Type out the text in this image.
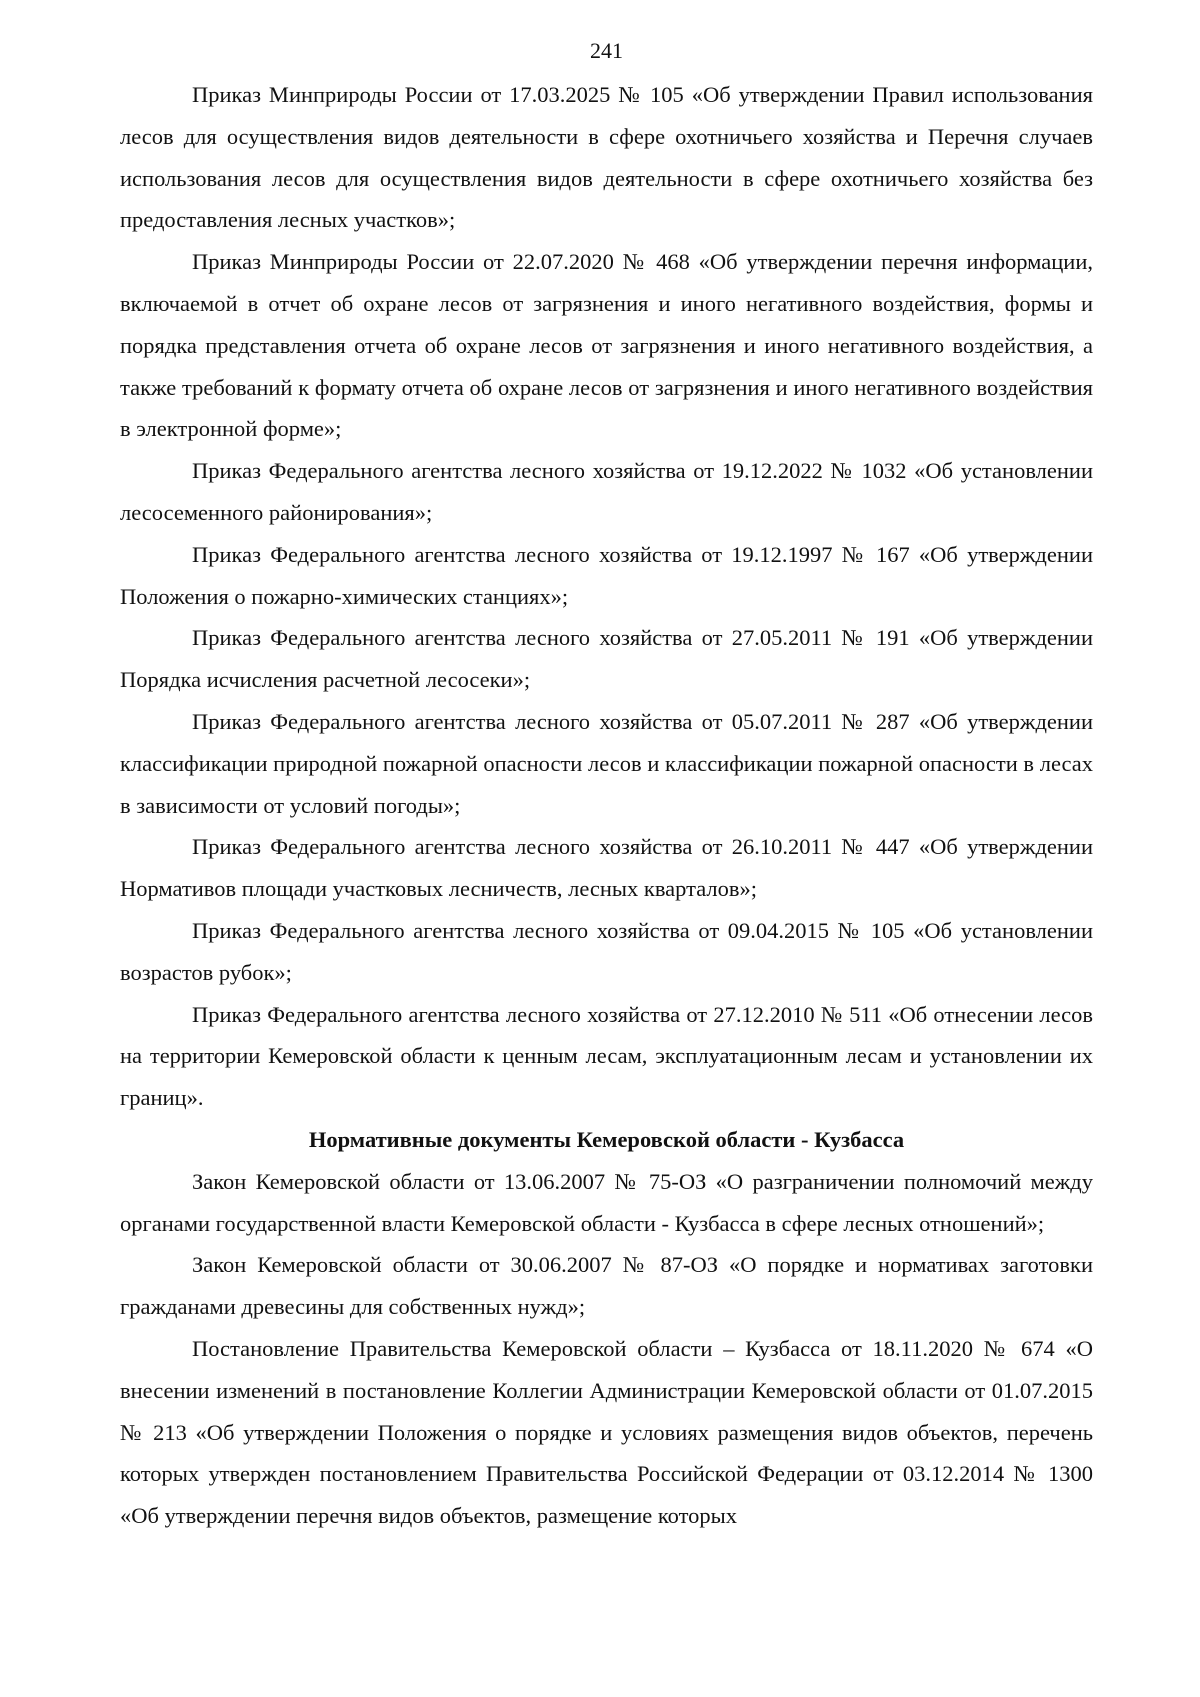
241

Приказ Минприроды России от 17.03.2025 № 105 «Об утверждении Правил использования лесов для осуществления видов деятельности в сфере охотничьего хозяйства и Перечня случаев использования лесов для осуществления видов деятельности в сфере охотничьего хозяйства без предоставления лесных участков»;

Приказ Минприроды России от 22.07.2020 № 468 «Об утверждении перечня информации, включаемой в отчет об охране лесов от загрязнения и иного негативного воздействия, формы и порядка представления отчета об охране лесов от загрязнения и иного негативного воздействия, а также требований к формату отчета об охране лесов от загрязнения и иного негативного воздействия в электронной форме»;

Приказ Федерального агентства лесного хозяйства от 19.12.2022 № 1032 «Об установлении лесосеменного районирования»;

Приказ Федерального агентства лесного хозяйства от 19.12.1997 № 167 «Об утверждении Положения о пожарно-химических станциях»;

Приказ Федерального агентства лесного хозяйства от 27.05.2011 № 191 «Об утверждении Порядка исчисления расчетной лесосеки»;

Приказ Федерального агентства лесного хозяйства от 05.07.2011 № 287 «Об утверждении классификации природной пожарной опасности лесов и классификации пожарной опасности в лесах в зависимости от условий погоды»;

Приказ Федерального агентства лесного хозяйства от 26.10.2011 № 447 «Об утверждении Нормативов площади участковых лесничеств, лесных кварталов»;

Приказ Федерального агентства лесного хозяйства от 09.04.2015 № 105 «Об установлении возрастов рубок»;

Приказ Федерального агентства лесного хозяйства от 27.12.2010 № 511 «Об отнесении лесов на территории Кемеровской области к ценным лесам, эксплуатационным лесам и установлении их границ».

Нормативные документы Кемеровской области - Кузбасса

Закон Кемеровской области от 13.06.2007 № 75-ОЗ «О разграничении полномочий между органами государственной власти Кемеровской области - Кузбасса в сфере лесных отношений»;

Закон Кемеровской области от 30.06.2007 № 87-ОЗ «О порядке и нормативах заготовки гражданами древесины для собственных нужд»;

Постановление Правительства Кемеровской области – Кузбасса от 18.11.2020 № 674 «О внесении изменений в постановление Коллегии Администрации Кемеровской области от 01.07.2015 № 213 «Об утверждении Положения о порядке и условиях размещения видов объектов, перечень которых утвержден постановлением Правительства Российской Федерации от 03.12.2014 № 1300 «Об утверждении перечня видов объектов, размещение которых
